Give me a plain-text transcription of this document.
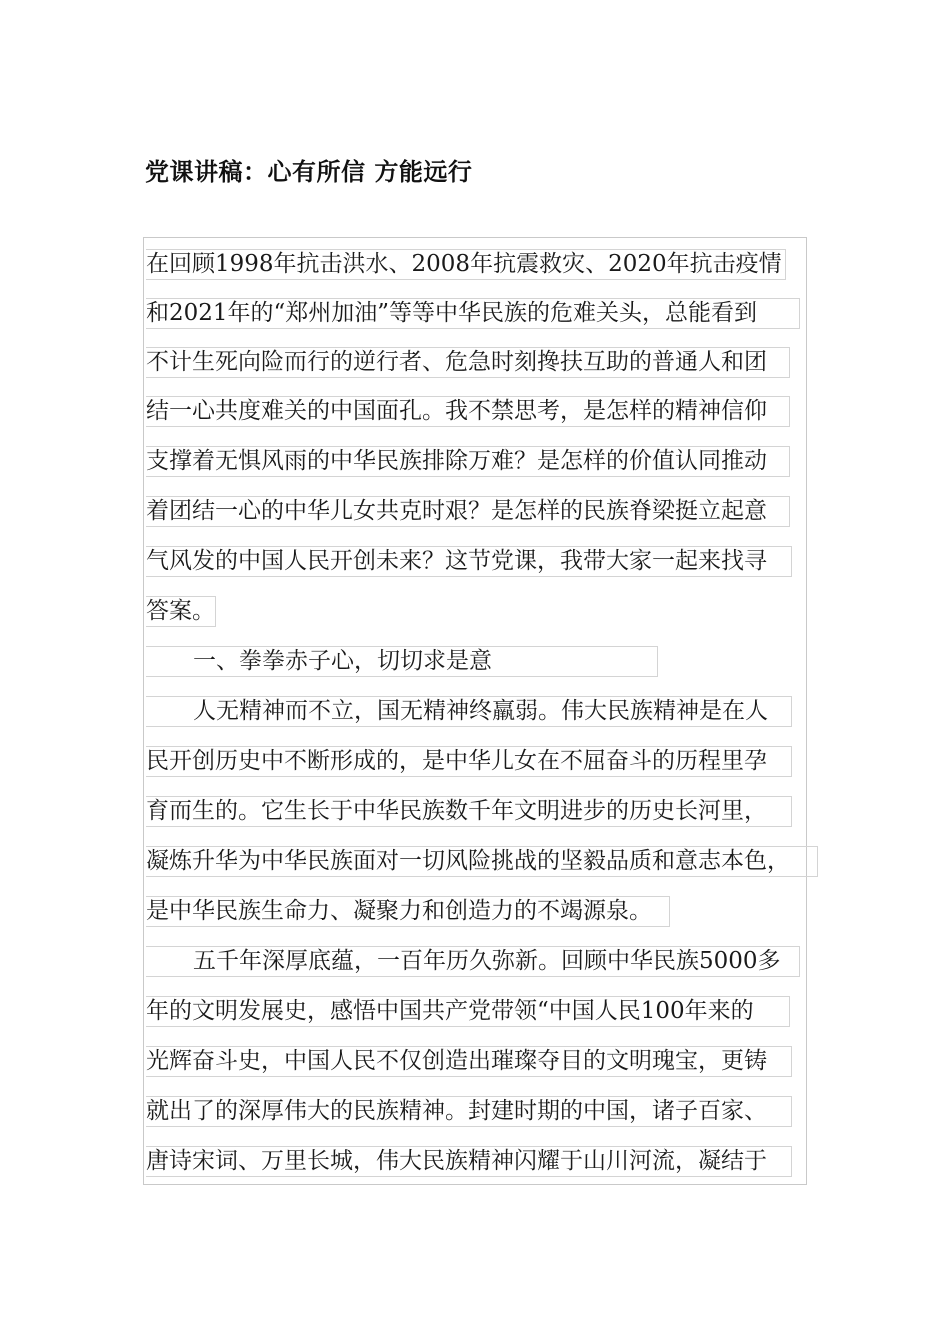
党课讲稿：心有所信 方能远行
在回顾1998年抗击洪水、2008年抗震救灾、2020年抗击疫情
和2021年的“郑州加油”等等中华民族的危难关头，总能看到
不计生死向险而行的逆行者、危急时刻搀扶互助的普通人和团
结一心共度难关的中国面孔。我不禁思考，是怎样的精神信仰
支撑着无惧风雨的中华民族排除万难？是怎样的价值认同推动
着团结一心的中华儿女共克时艰？是怎样的民族脊梁挺立起意
气风发的中国人民开创未来？这节党课，我带大家一起来找寻
答案。
一、拳拳赤子心，切切求是意
人无精神而不立，国无精神终羸弱。伟大民族精神是在人
民开创历史中不断形成的，是中华儿女在不屈奋斗的历程里孕
育而生的。它生长于中华民族数千年文明进步的历史长河里，
凝炼升华为中华民族面对一切风险挑战的坚毅品质和意志本色，
是中华民族生命力、凝聚力和创造力的不竭源泉。
五千年深厚底蕴，一百年历久弥新。回顾中华民族5000多
年的文明发展史，感悟中国共产党带领“中国人民100年来的
光辉奋斗史，中国人民不仅创造出璀璨夺目的文明瑰宝，更铸
就出了的深厚伟大的民族精神。封建时期的中国，诸子百家、
唐诗宋词、万里长城，伟大民族精神闪耀于山川河流，凝结于
